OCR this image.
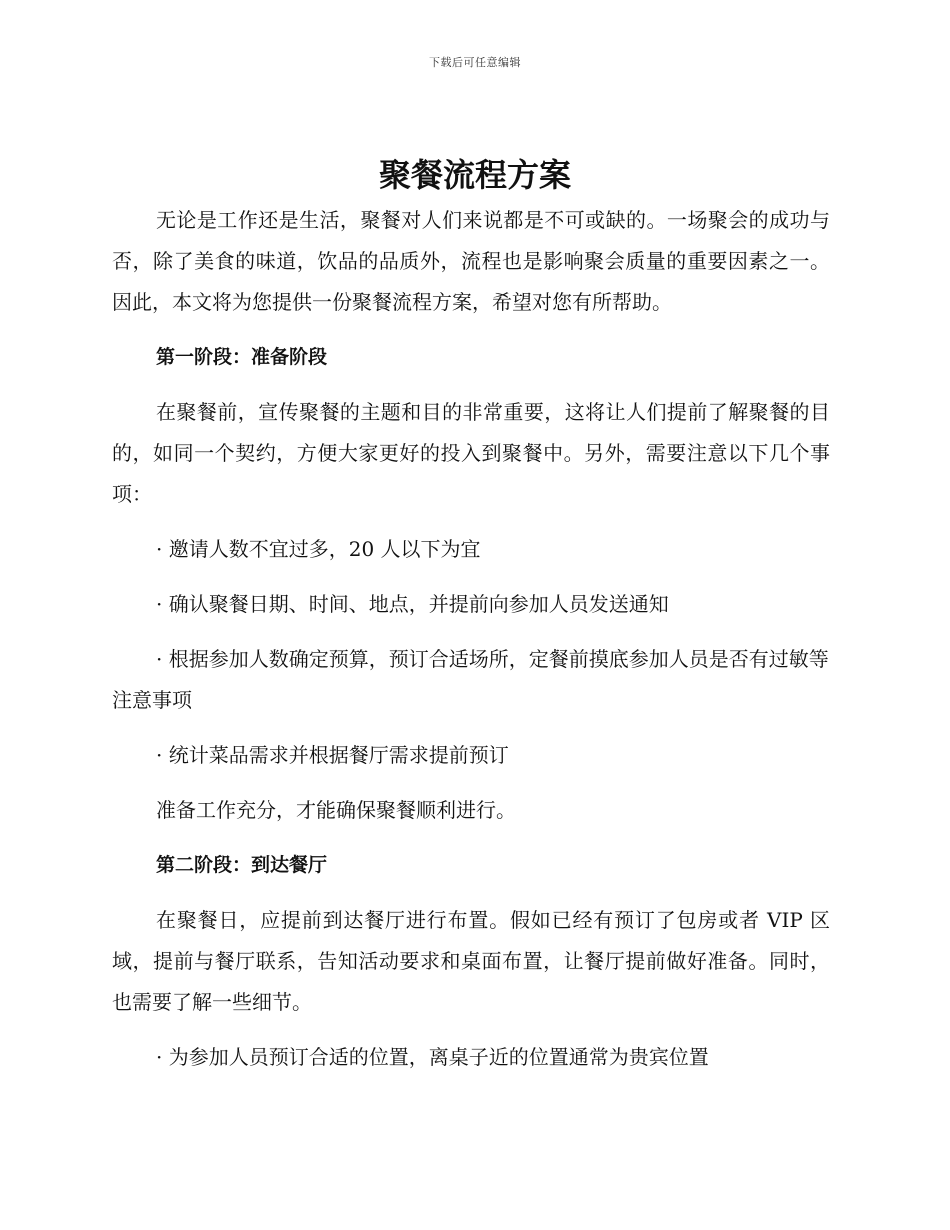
下载后可任意编辑
聚餐流程方案

无论是工作还是生活，聚餐对人们来说都是不可或缺的。一场聚会的成功与否，除了美食的味道，饮品的品质外，流程也是影响聚会质量的重要因素之一。因此，本文将为您提供一份聚餐流程方案，希望对您有所帮助。

第一阶段：准备阶段

在聚餐前，宣传聚餐的主题和目的非常重要，这将让人们提前了解聚餐的目的，如同一个契约，方便大家更好的投入到聚餐中。另外，需要注意以下几个事项：

· 邀请人数不宜过多，20 人以下为宜

· 确认聚餐日期、时间、地点，并提前向参加人员发送通知

· 根据参加人数确定预算，预订合适场所，定餐前摸底参加人员是否有过敏等注意事项

· 统计菜品需求并根据餐厅需求提前预订

准备工作充分，才能确保聚餐顺利进行。

第二阶段：到达餐厅

在聚餐日，应提前到达餐厅进行布置。假如已经有预订了包房或者 VIP 区域，提前与餐厅联系，告知活动要求和桌面布置，让餐厅提前做好准备。同时，也需要了解一些细节。

· 为参加人员预订合适的位置，离桌子近的位置通常为贵宾位置
